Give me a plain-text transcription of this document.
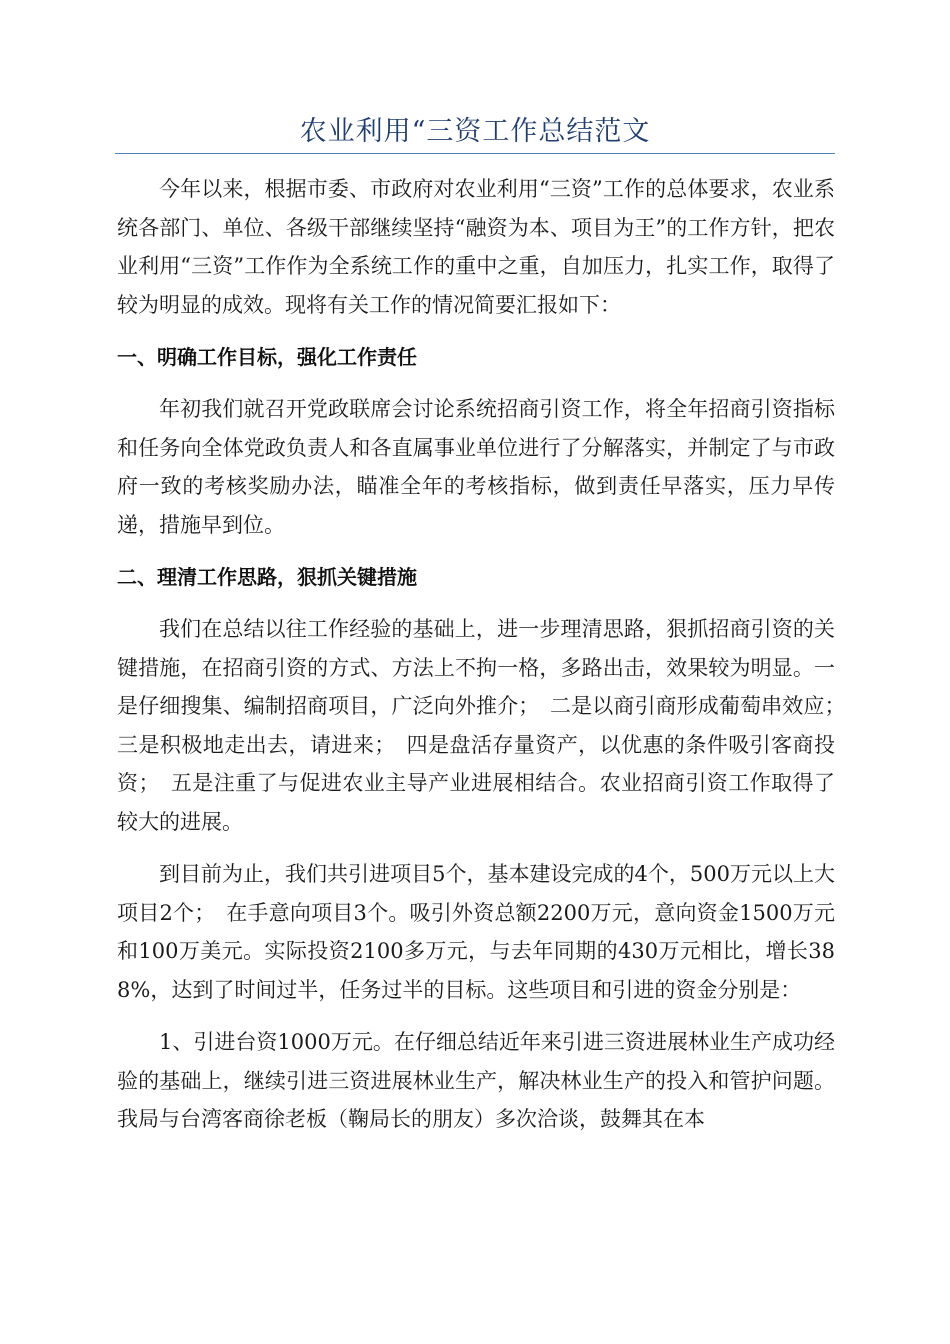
农业利用“三资工作总结范文

今年以来，根据市委、市政府对农业利用“三资”工作的总体要求，农业系统各部门、单位、各级干部继续坚持“融资为本、项目为王”的工作方针，把农业利用“三资”工作作为全系统工作的重中之重，自加压力，扎实工作，取得了较为明显的成效。现将有关工作的情况简要汇报如下：

一、明确工作目标，强化工作责任

年初我们就召开党政联席会讨论系统招商引资工作，将全年招商引资指标和任务向全体党政负责人和各直属事业单位进行了分解落实，并制定了与市政府一致的考核奖励办法，瞄准全年的考核指标，做到责任早落实，压力早传递，措施早到位。

二、理清工作思路，狠抓关键措施

我们在总结以往工作经验的基础上，进一步理清思路，狠抓招商引资的关键措施，在招商引资的方式、方法上不拘一格，多路出击，效果较为明显。一是仔细搜集、编制招商项目，广泛向外推介；　二是以商引商形成葡萄串效应；　三是积极地走出去，请进来；　四是盘活存量资产，以优惠的条件吸引客商投资；　五是注重了与促进农业主导产业进展相结合。农业招商引资工作取得了较大的进展。

到目前为止，我们共引进项目5个，基本建设完成的4个，500万元以上大项目2个；　在手意向项目3个。吸引外资总额2200万元，意向资金1500万元和100万美元。实际投资2100多万元，与去年同期的430万元相比，增长388%，达到了时间过半，任务过半的目标。这些项目和引进的资金分别是：

1、引进台资1000万元。在仔细总结近年来引进三资进展林业生产成功经验的基础上，继续引进三资进展林业生产，解决林业生产的投入和管护问题。我局与台湾客商徐老板（鞠局长的朋友）多次洽谈，鼓舞其在本
